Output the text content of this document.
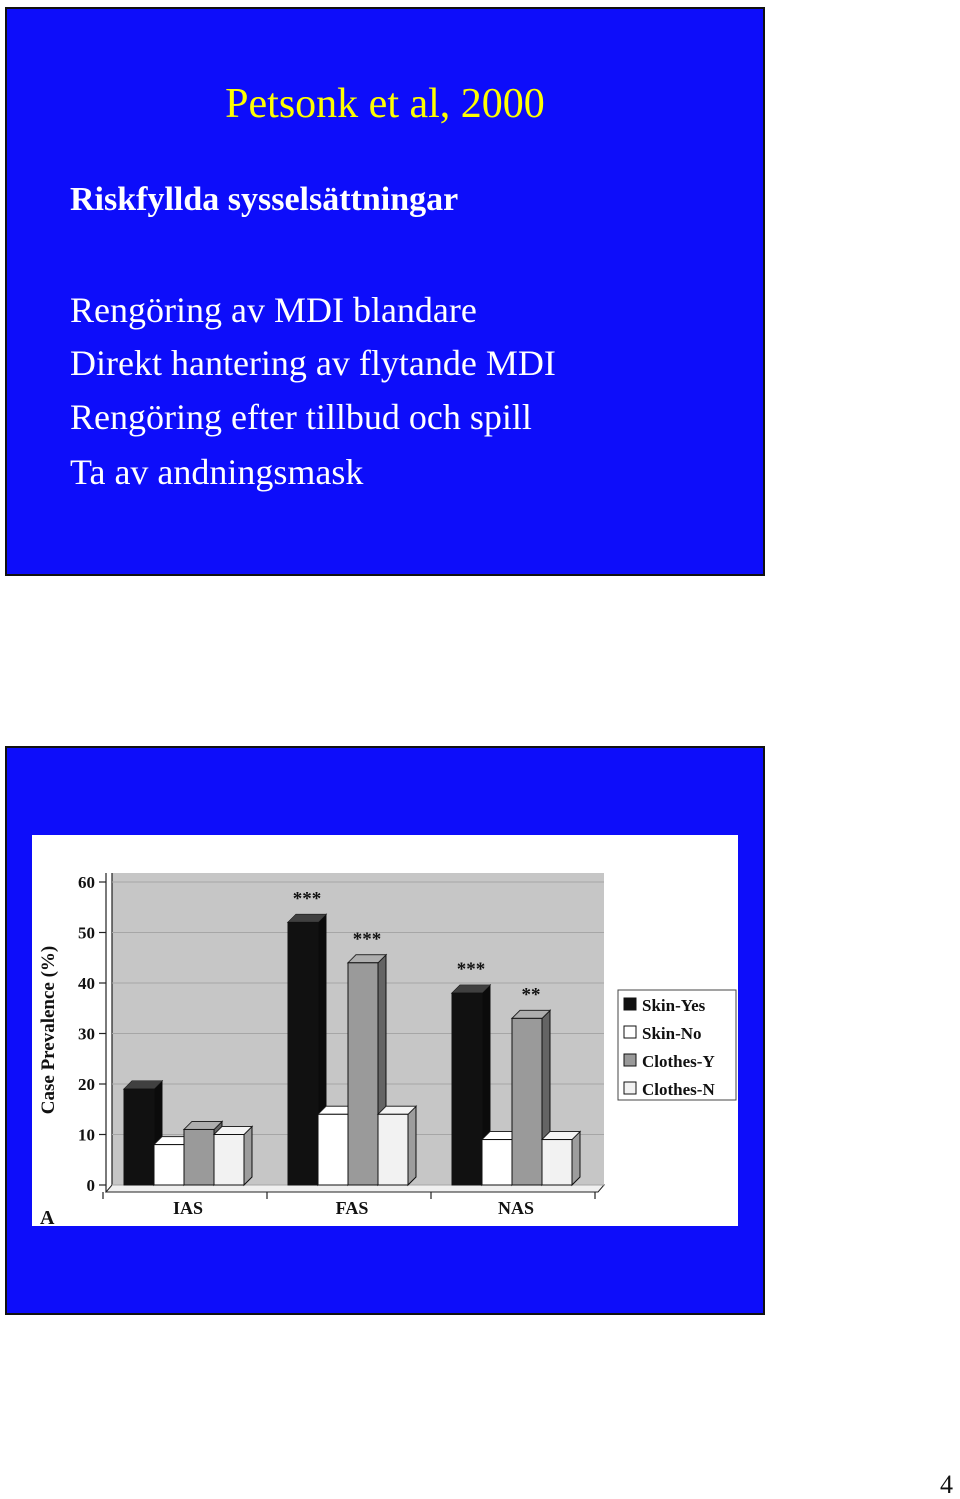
Petsonk et al, 2000
Riskfyllda sysselsättningar
Rengöring av MDI blandare
Direkt hantering av flytande MDI
Rengöring efter tillbud och spill
Ta av andningsmask
0
10
20
30
40
50
60
IAS	FAS	NAS
***
***
***
**
Case Prevalence (%)
A
Skin-Yes
Skin-No
Clothes-Y
Clothes-N
4
